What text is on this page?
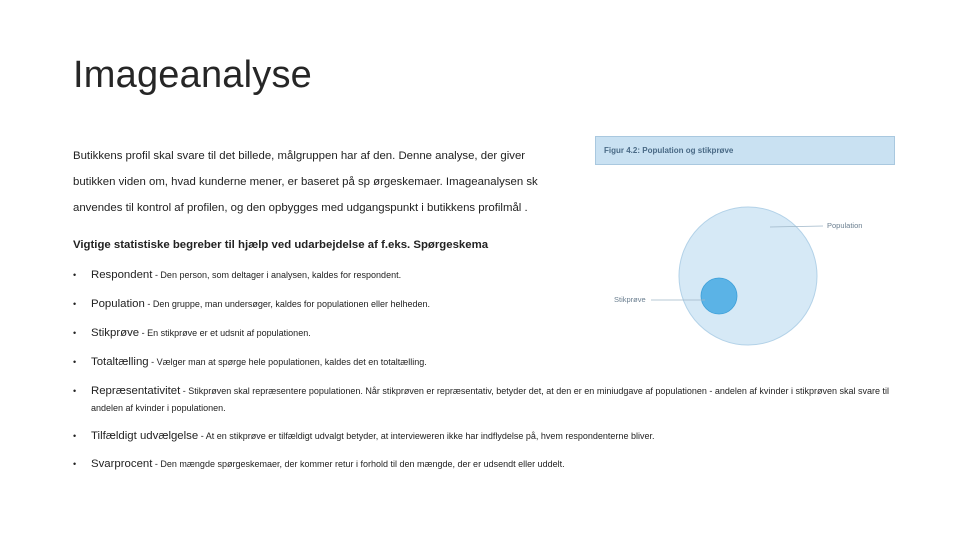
Imageanalyse
Butikkens profil skal svare til det billede, målgruppen har af den. Denne analyse, der giver
butikken viden om, hvad kunderne mener, er baseret på sp ørgeskemaer. Imageanalysen sk
anvendes til kontrol af profilen, og den opbygges med udgangspunkt i butikkens profilmål .
Vigtige statistiske begreber til hjælp ved udarbejdelse af f.eks. Spørgeskema
• Respondent - Den person, som deltager i analysen, kaldes for respondent.
• Population - Den gruppe, man undersøger, kaldes for populationen eller helheden.
• Stikprøve - En stikprøve er et udsnit af populationen.
• Totaltælling - Vælger man at spørge hele populationen, kaldes det en totaltælling.
• Repræsentativitet - Stikprøven skal repræsentere populationen. Når stikprøven er repræsentativ, betyder det, at den er en miniudgave af populationen - andelen af kvinder i stikprøven skal svare til andelen af kvinder i populationen.
• Tilfældigt udvælgelse - At en stikprøve er tilfældigt udvalgt betyder, at intervieweren ikke har indflydelse på, hvem respondenterne bliver.
• Svarprocent - Den mængde spørgeskemaer, der kommer retur i forhold til den mængde, der er udsendt eller uddelt.
Population
Stikprøve
Figur 4.2: Population og stikprøve
